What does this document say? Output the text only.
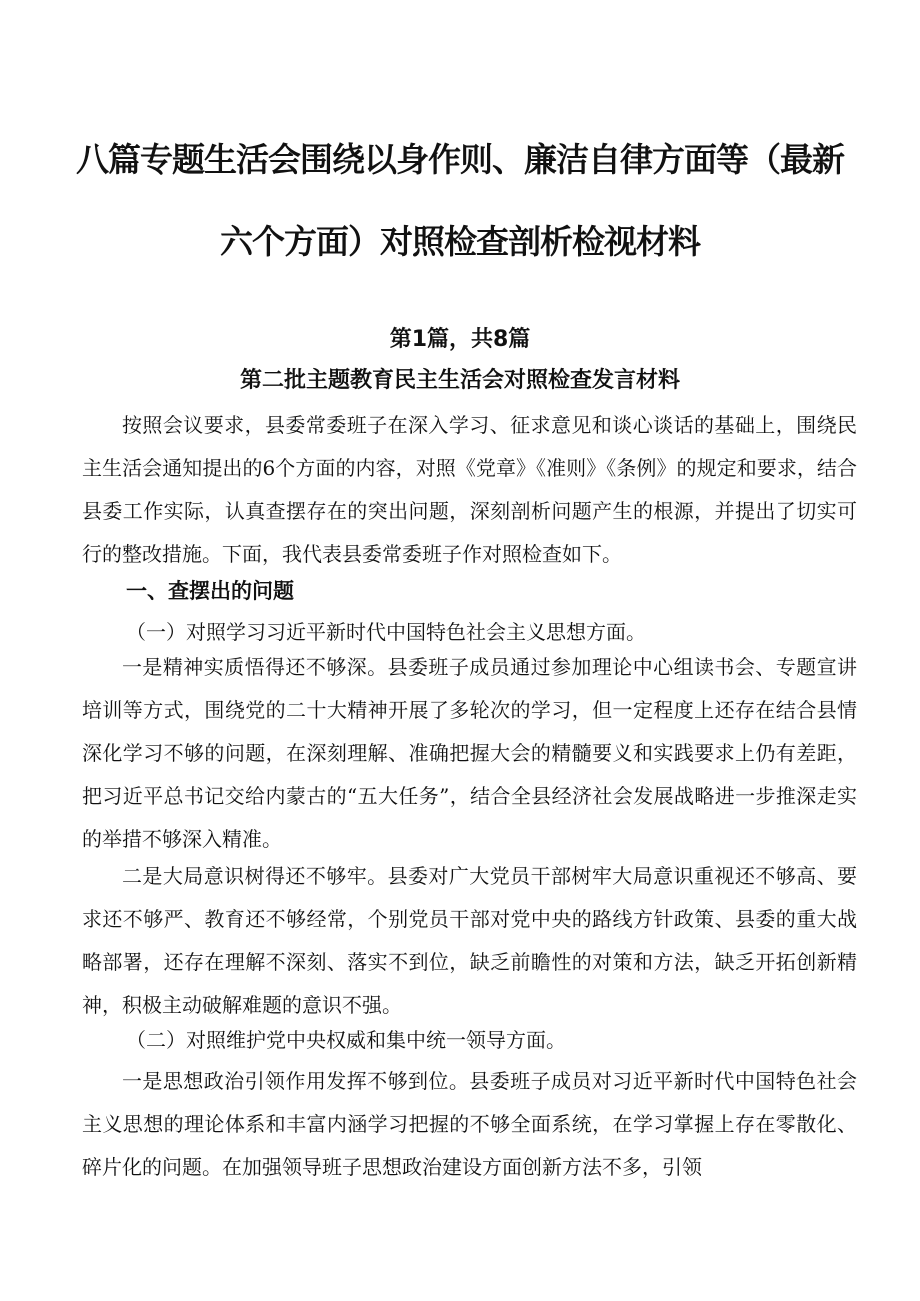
八篇专题生活会围绕以身作则、廉洁自律方面等（最新
六个方面）对照检查剖析检视材料
第1篇，共8篇
第二批主题教育民主生活会对照检查发言材料
按照会议要求，县委常委班子在深入学习、征求意见和谈心谈话的基础上，围绕民主生活会通知提出的6个方面的内容，对照《党章》《准则》《条例》的规定和要求，结合县委工作实际，认真查摆存在的突出问题，深刻剖析问题产生的根源，并提出了切实可行的整改措施。下面，我代表县委常委班子作对照检查如下。
一、查摆出的问题
（一）对照学习习近平新时代中国特色社会主义思想方面。
一是精神实质悟得还不够深。县委班子成员通过参加理论中心组读书会、专题宣讲培训等方式，围绕党的二十大精神开展了多轮次的学习，但一定程度上还存在结合县情深化学习不够的问题，在深刻理解、准确把握大会的精髓要义和实践要求上仍有差距，把习近平总书记交给内蒙古的“五大任务”，结合全县经济社会发展战略进一步推深走实的举措不够深入精准。
二是大局意识树得还不够牢。县委对广大党员干部树牢大局意识重视还不够高、要求还不够严、教育还不够经常，个别党员干部对党中央的路线方针政策、县委的重大战略部署，还存在理解不深刻、落实不到位，缺乏前瞻性的对策和方法，缺乏开拓创新精神，积极主动破解难题的意识不强。
（二）对照维护党中央权威和集中统一领导方面。
一是思想政治引领作用发挥不够到位。县委班子成员对习近平新时代中国特色社会主义思想的理论体系和丰富内涵学习把握的不够全面系统，在学习掌握上存在零散化、碎片化的问题。在加强领导班子思想政治建设方面创新方法不多，引领
